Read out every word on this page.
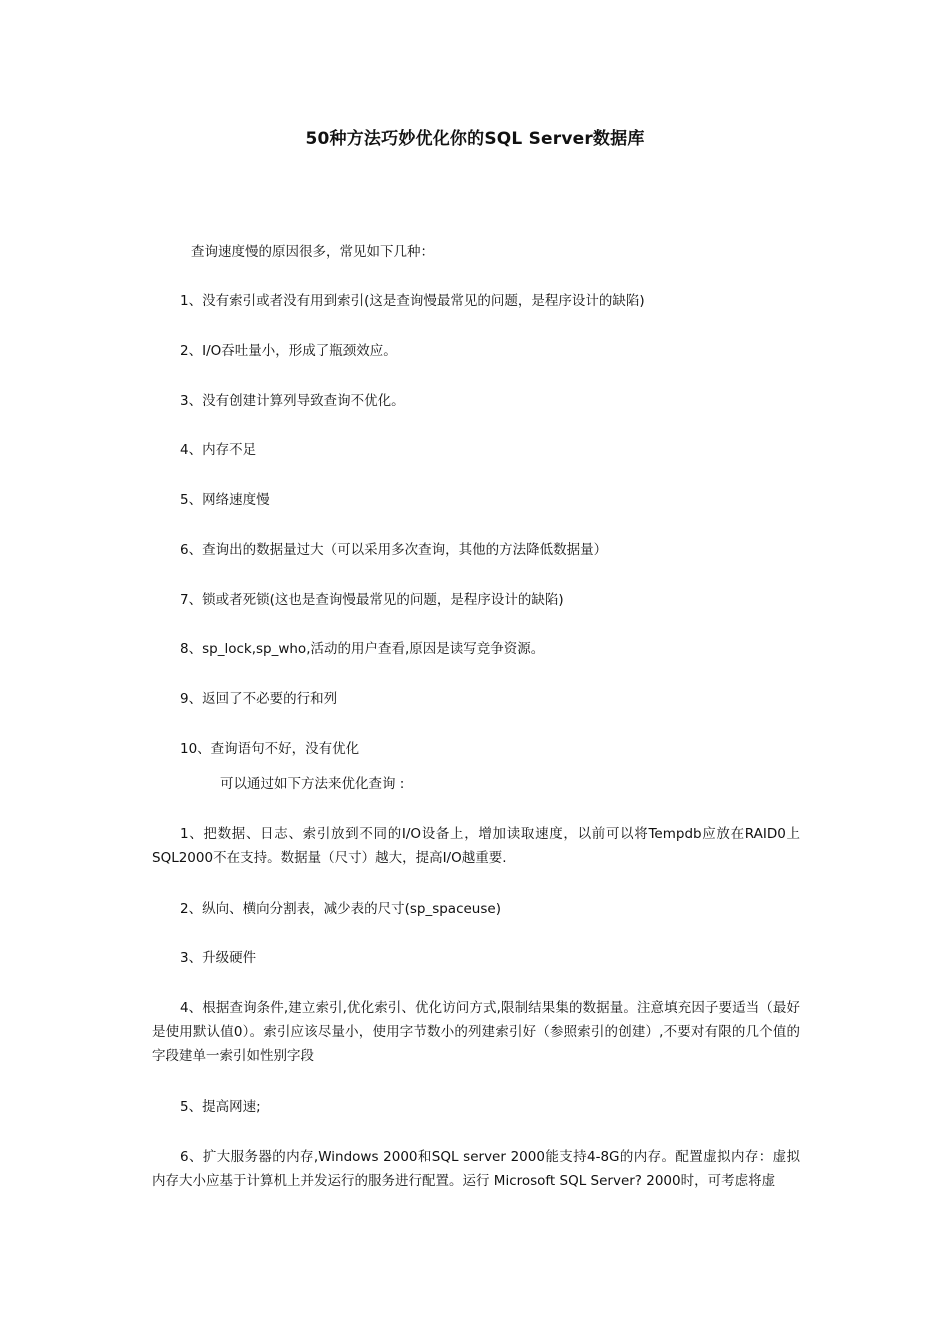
50种方法巧妙优化你的SQL Server数据库
查询速度慢的原因很多，常见如下几种：
1、没有索引或者没有用到索引(这是查询慢最常见的问题，是程序设计的缺陷)
2、I/O吞吐量小，形成了瓶颈效应。
3、没有创建计算列导致查询不优化。
4、内存不足
5、网络速度慢
6、查询出的数据量过大（可以采用多次查询，其他的方法降低数据量）
7、锁或者死锁(这也是查询慢最常见的问题，是程序设计的缺陷)
8、sp_lock,sp_who,活动的用户查看,原因是读写竞争资源。
9、返回了不必要的行和列
10、查询语句不好，没有优化
可以通过如下方法来优化查询 :
1、把数据、日志、索引放到不同的I/O设备上，增加读取速度，以前可以将Tempdb应放在RAID0上SQL2000不在支持。数据量（尺寸）越大，提高I/O越重要.
2、纵向、横向分割表，减少表的尺寸(sp_spaceuse)
3、升级硬件
4、根据查询条件,建立索引,优化索引、优化访问方式,限制结果集的数据量。注意填充因子要适当（最好是使用默认值0）。索引应该尽量小，使用字节数小的列建索引好（参照索引的创建）,不要对有限的几个值的字段建单一索引如性别字段
5、提高网速;
6、扩大服务器的内存,Windows 2000和SQL server 2000能支持4-8G的内存。配置虚拟内存：虚拟内存大小应基于计算机上并发运行的服务进行配置。运行 Microsoft SQL Server? 2000时，可考虑将虚
